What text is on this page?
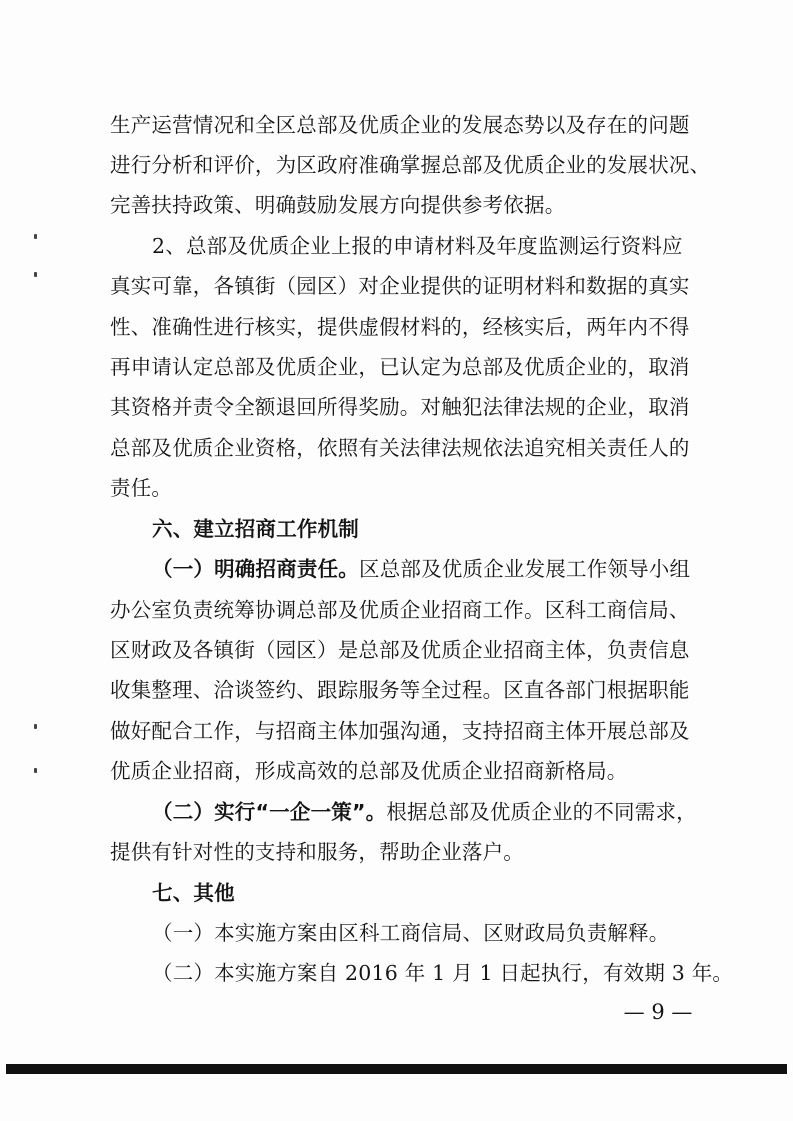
生产运营情况和全区总部及优质企业的发展态势以及存在的问题
进行分析和评价，为区政府准确掌握总部及优质企业的发展状况、
完善扶持政策、明确鼓励发展方向提供参考依据。
2、总部及优质企业上报的申请材料及年度监测运行资料应
真实可靠，各镇街（园区）对企业提供的证明材料和数据的真实
性、准确性进行核实，提供虚假材料的，经核实后，两年内不得
再申请认定总部及优质企业，已认定为总部及优质企业的，取消
其资格并责令全额退回所得奖励。对触犯法律法规的企业，取消
总部及优质企业资格，依照有关法律法规依法追究相关责任人的
责任。
六、建立招商工作机制
（一）明确招商责任。区总部及优质企业发展工作领导小组
办公室负责统筹协调总部及优质企业招商工作。区科工商信局、
区财政及各镇街（园区）是总部及优质企业招商主体，负责信息
收集整理、洽谈签约、跟踪服务等全过程。区直各部门根据职能
做好配合工作，与招商主体加强沟通，支持招商主体开展总部及
优质企业招商，形成高效的总部及优质企业招商新格局。
（二）实行“一企一策”。根据总部及优质企业的不同需求，
提供有针对性的支持和服务，帮助企业落户。
七、其他
（一）本实施方案由区科工商信局、区财政局负责解释。
（二）本实施方案自 2016 年 1 月 1 日起执行，有效期 3 年。
— 9 —
